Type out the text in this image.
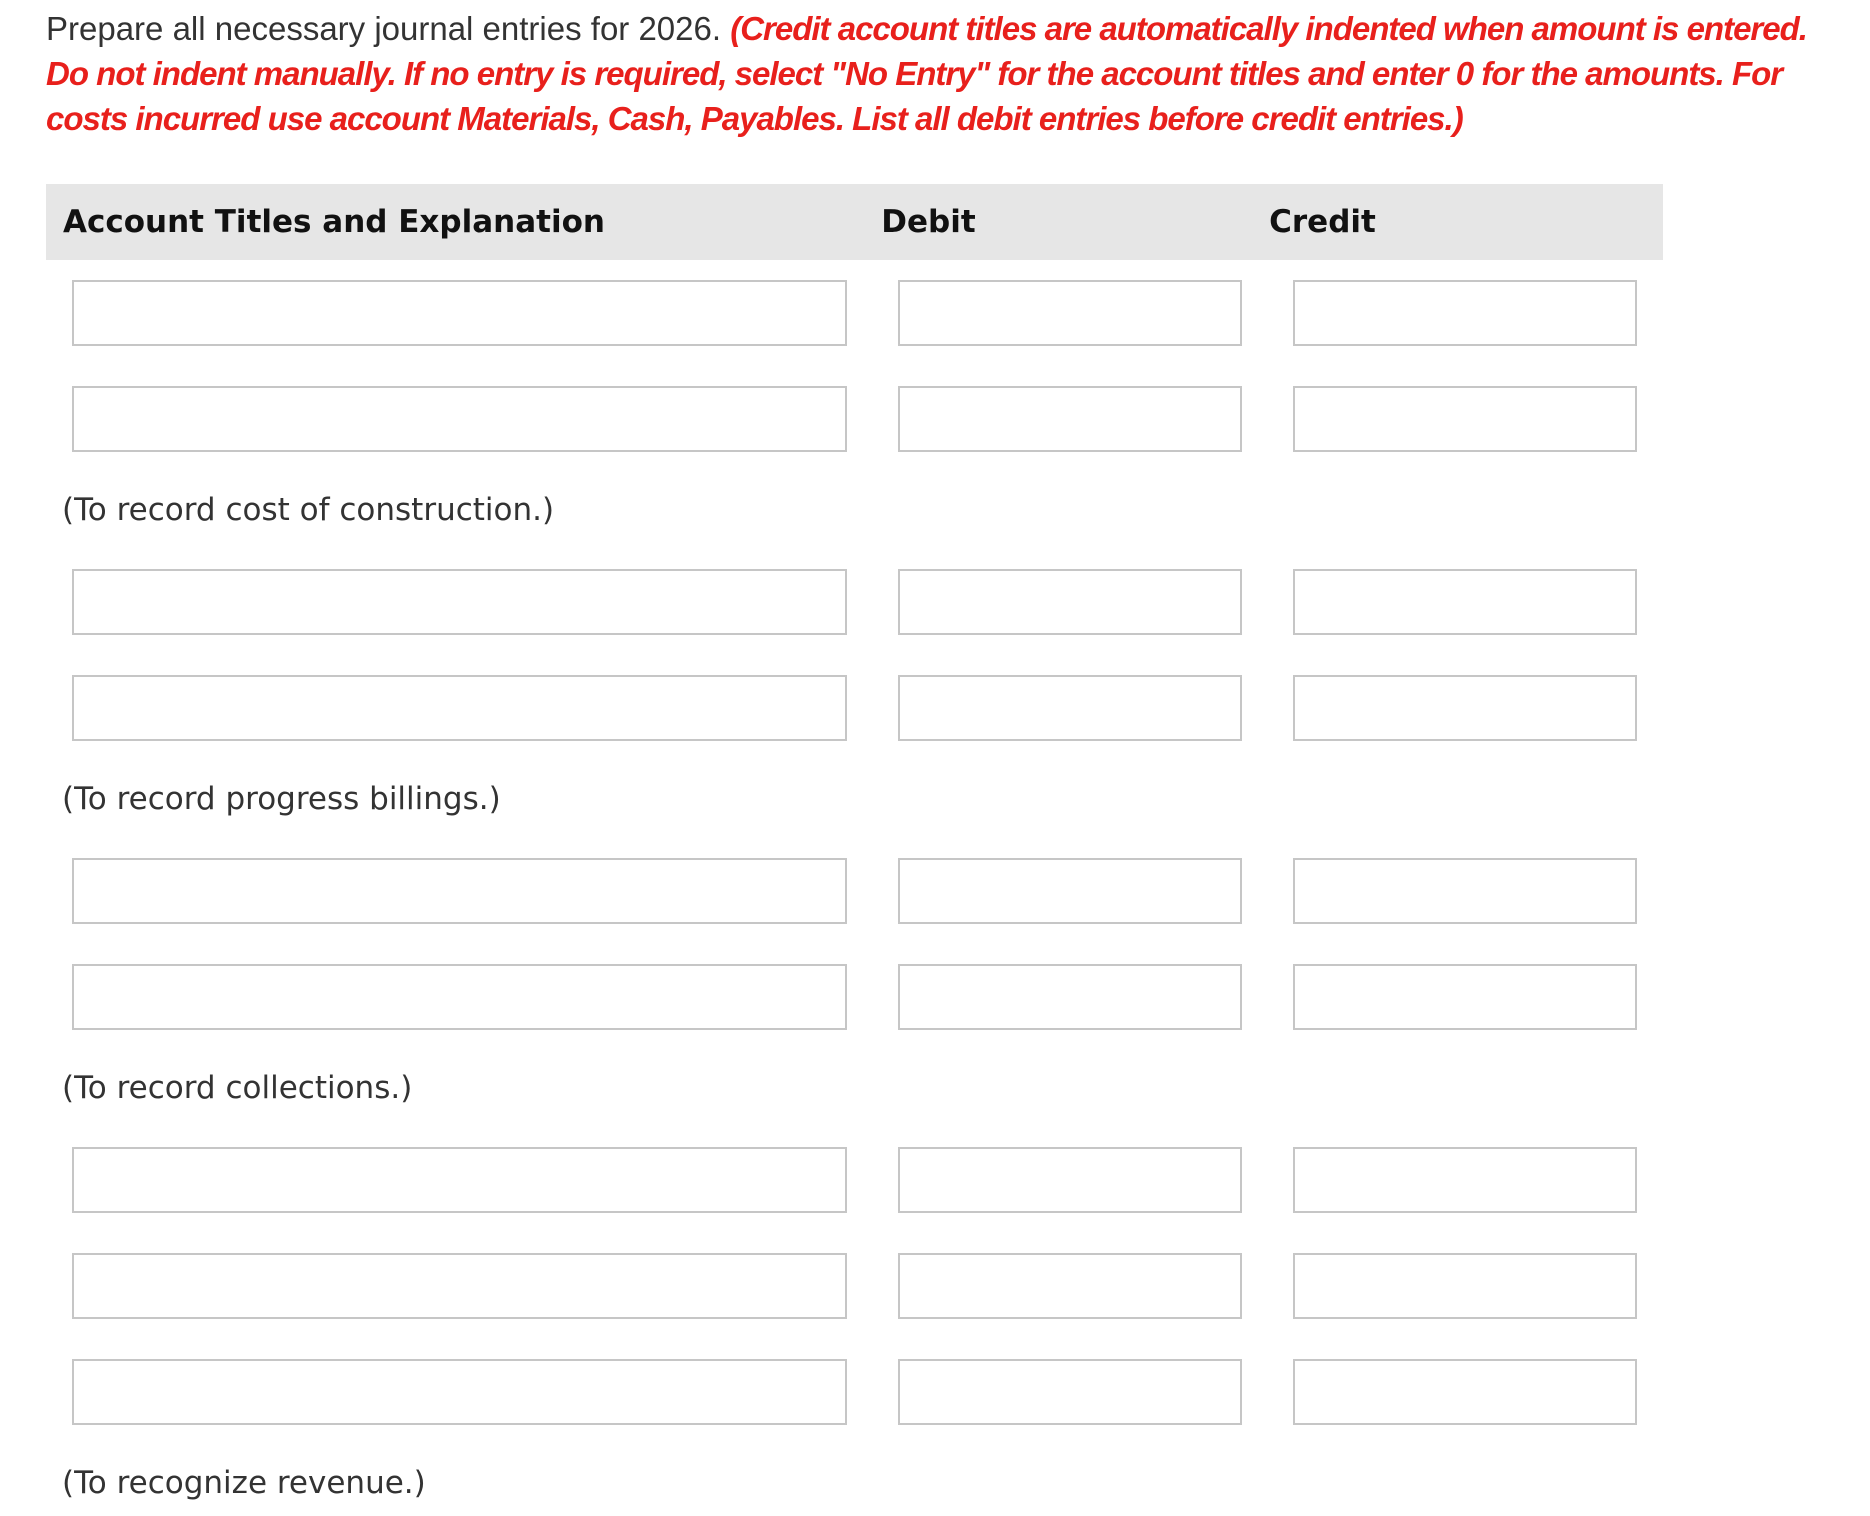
Prepare all necessary journal entries for 2026. (Credit account titles are automatically indented when amount is entered. Do not indent manually. If no entry is required, select "No Entry" for the account titles and enter 0 for the amounts. For costs incurred use account Materials, Cash, Payables. List all debit entries before credit entries.)

Account Titles and Explanation	Debit	Credit
(To record cost of construction.)
(To record progress billings.)
(To record collections.)
(To recognize revenue.)
